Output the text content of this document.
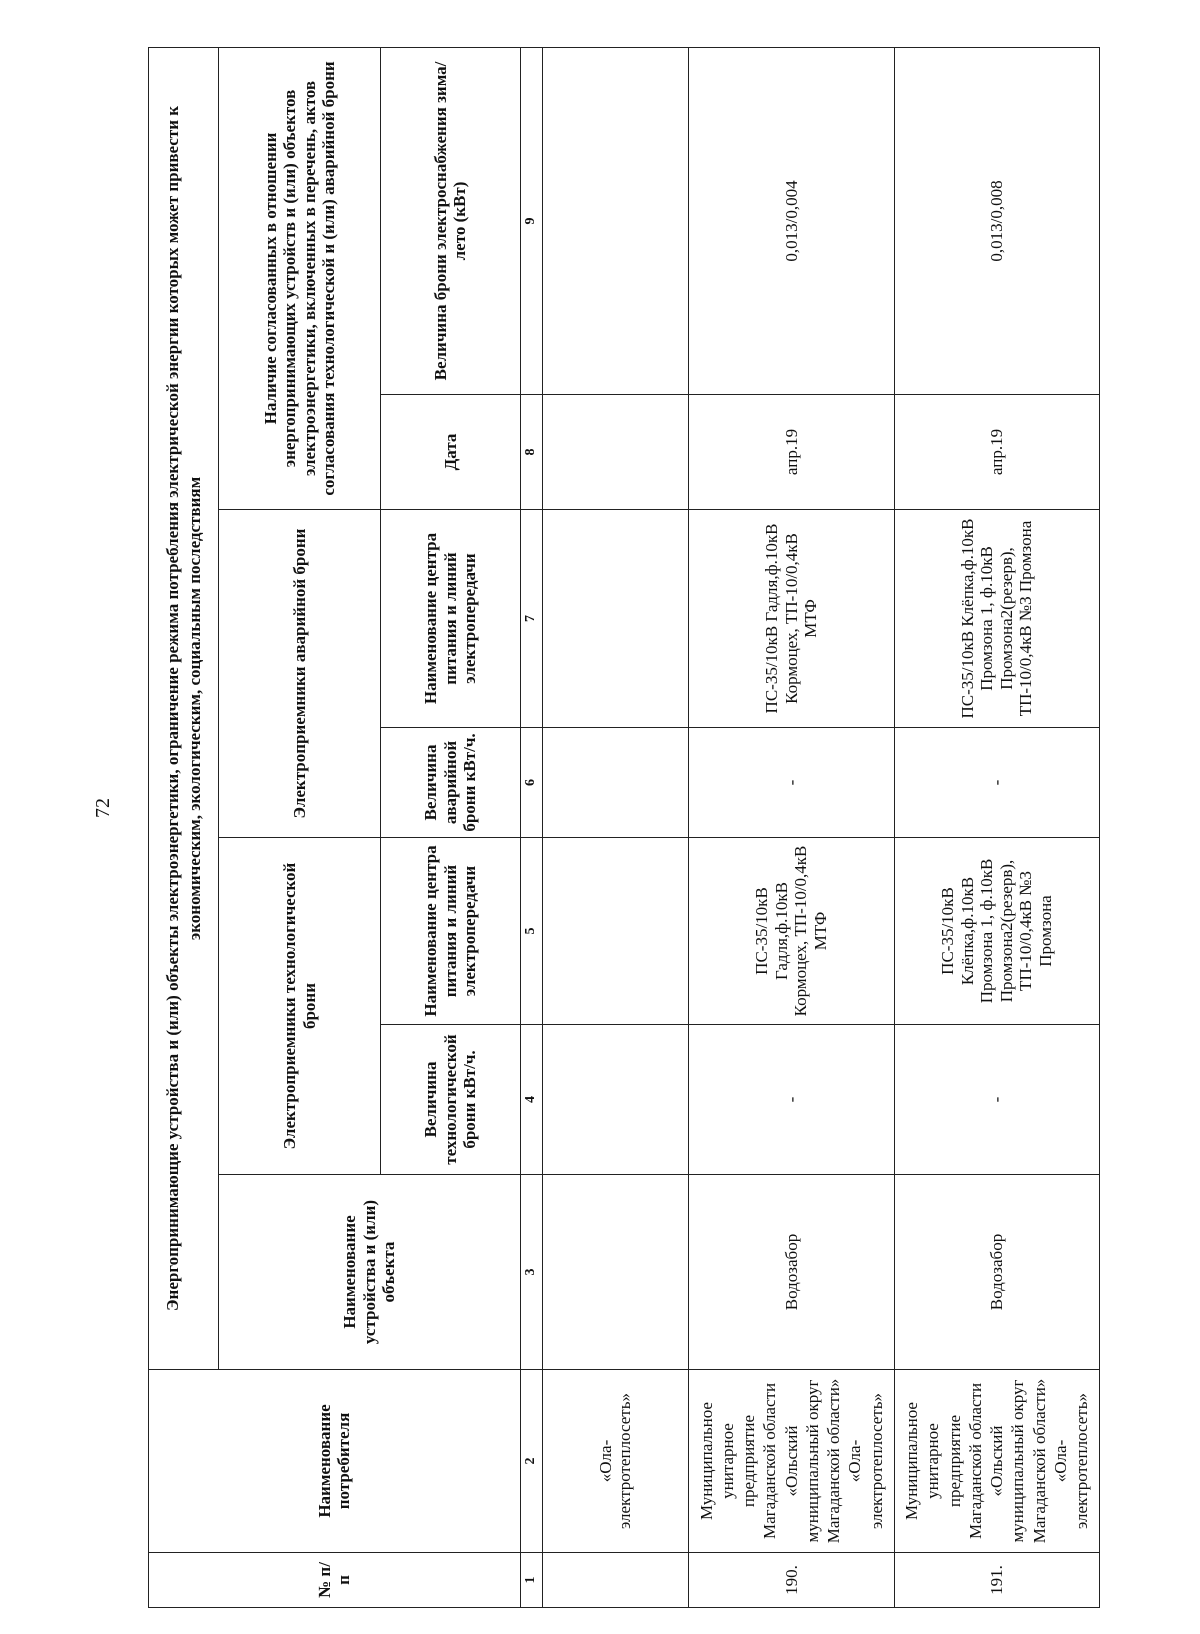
72
№ п/п	Наименование потребителя	Энергопринимающие устройства и (или) объекты электроэнергетики, ограничение режима потребления электрической энергии которых может привести к экономическим, экологическим, социальным последствиям						
		Наименование устройства и (или) объекта	Электроприемники технологической брони		Электроприемники аварийной брони		Наличие согласованных в отношении энергопринимающих устройств и (или) объектов электроэнергетики, включенных в перечень, актов согласования технологической и (или) аварийной брони	
			Величина технологической брони кВт/ч.	Наименование центра питания и линий электропередачи	Величина аварийной брони кВт/ч.	Наименование центра питания и линий электропередачи	Дата	Величина брони электроснабжения зима/лето (кВт)
1	2	3	4	5	6	7	8	9
	«Ола-электротеплосеть»							
190.	Муниципальное унитарное предприятие Магаданской области «Ольский муниципальный округ Магаданской области» «Ола-электротеплосеть»	Водозабор	-	ПС-35/10кВ Гадля,ф.10кВ Кормоцех, ТП-10/0,4кВ МТФ	-	ПС-35/10кВ Гадля,ф.10кВ Кормоцех, ТП-10/0,4кВ МТФ	апр.19	0,013/0,004
191.	Муниципальное унитарное предприятие Магаданской области «Ольский муниципальный округ Магаданской области» «Ола-электротеплосеть»	Водозабор	-	ПС-35/10кВ Клёпка,ф.10кВ Промзона 1, ф.10кВ Промзона2(резерв), ТП-10/0,4кВ №3 Промзона	-	ПС-35/10кВ Клёпка,ф.10кВ Промзона 1, ф.10кВ Промзона2(резерв), ТП-10/0,4кВ №3 Промзона	апр.19	0,013/0,008
